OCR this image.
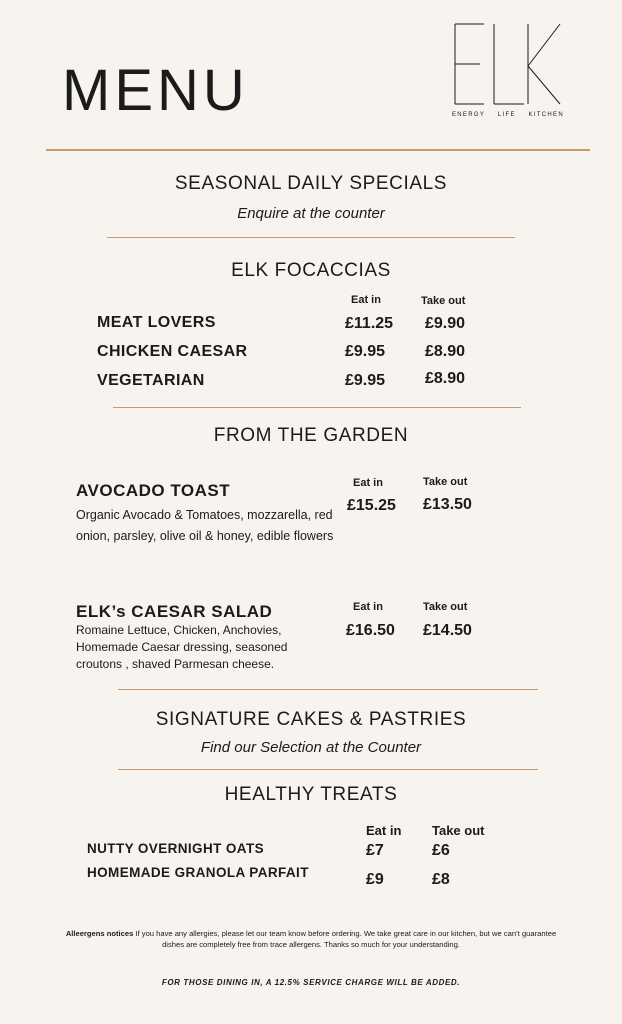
MENU	ENERGY LIFE KITCHEN
SEASONAL DAILY SPECIALS
Enquire at the counter
ELK FOCACCIAS
Eat in	Take out
MEAT LOVERS	£11.25 £9.90
CHICKEN CAESAR	£9.95 £8.90
VEGETARIAN	£9.95 £8.90
FROM THE GARDEN
AVOCADO TOAST
Organic Avocado & Tomatoes, mozzarella, red onion, parsley, olive oil & honey, edible flowers
Eat in	Take out
£15.25 £13.50
ELK’s CAESAR SALAD
Romaine Lettuce, Chicken, Anchovies, Homemade Caesar dressing, seasoned croutons , shaved Parmesan cheese.
Eat in	Take out
£16.50 £14.50
SIGNATURE CAKES & PASTRIES
Find our Selection at the Counter
HEALTHY TREATS
Eat in Take out
NUTTY OVERNIGHT OATS	£7	£6
HOMEMADE GRANOLA PARFAIT	£9	£8
Alleergens notices If you have any allergies, please let our team know before ordering. We take great care in our kitchen, but we can’t guarantee dishes are completely free from trace allergens. Thanks so much for your understanding.
FOR THOSE DINING IN, A 12.5% SERVICE CHARGE WILL BE ADDED.
